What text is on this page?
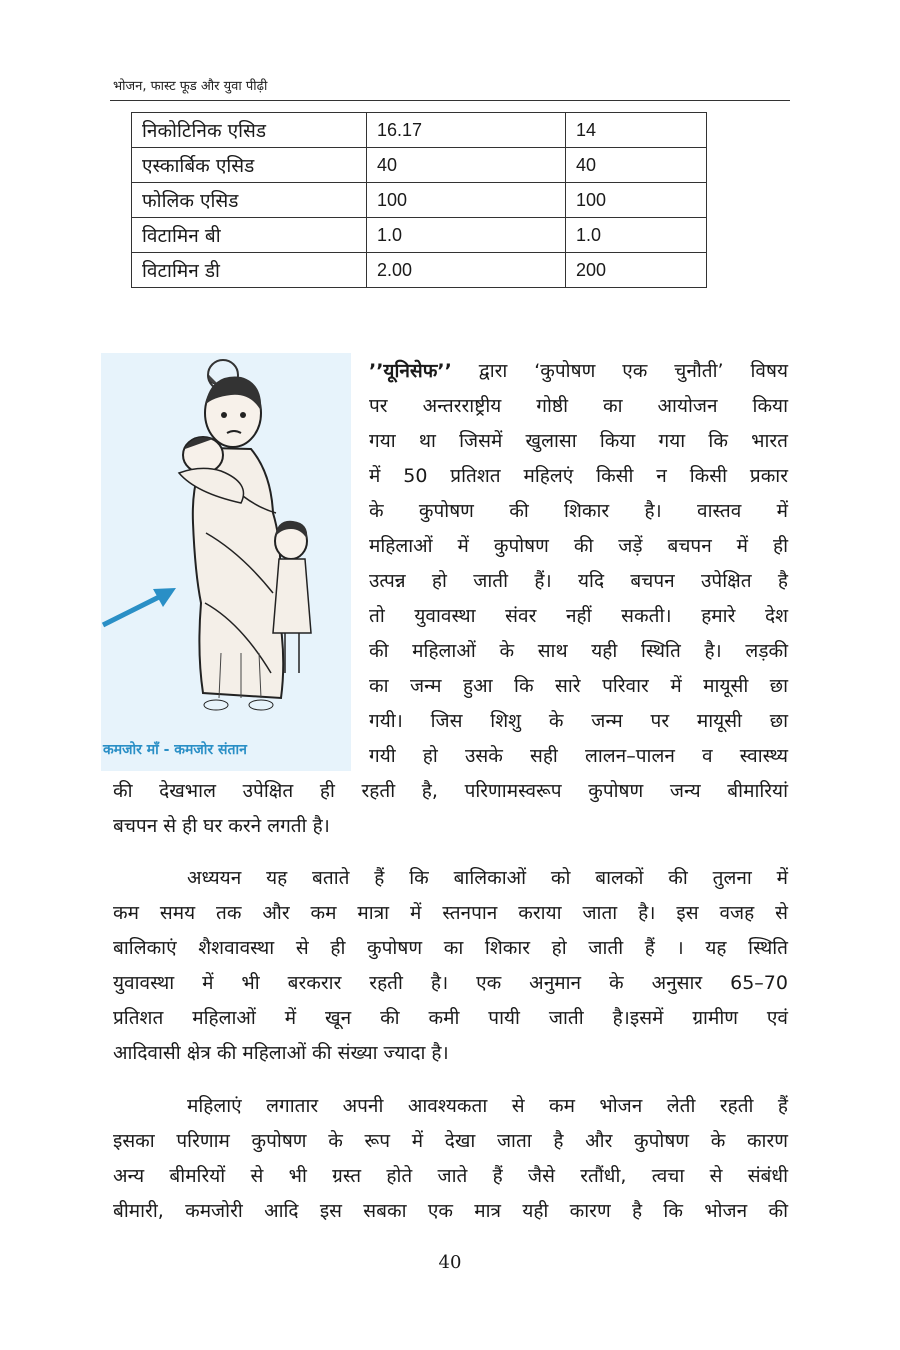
भोजन, फास्ट फूड और युवा पीढ़ी
निकोटिनिक एसिड	16.17	14
एस्कार्बिक एसिड	40	40
फोलिक एसिड	100	100
विटामिन बी	1.0	1.0
विटामिन डी	2.00	200
कमजोर माँ - कमजोर संतान
’’यूनिसेफ’’ द्वारा ‘कुपोषण एक चुनौती’ विषय
पर अन्तरराष्ट्रीय गोष्ठी का आयोजन किया
गया था जिसमें खुलासा किया गया कि भारत
में 50 प्रतिशत महिलएं किसी न किसी प्रकार
के कुपोषण की शिकार है। वास्तव में
महिलाओं में कुपोषण की जड़ें बचपन में ही
उत्पन्न हो जाती हैं। यदि बचपन उपेक्षित है
तो युवावस्था संवर नहीं सकती। हमारे देश
की महिलाओं के साथ यही स्थिति है। लड़की
का जन्म हुआ कि सारे परिवार में मायूसी छा
गयी। जिस शिशु के जन्म पर मायूसी छा
गयी हो उसके सही लालन–पालन व स्वास्थ्य
की देखभाल उपेक्षित ही रहती है, परिणामस्वरूप कुपोषण जन्य बीमारियां
बचपन से ही घर करने लगती है।
अध्ययन यह बताते हैं कि बालिकाओं को बालकों की तुलना में
कम समय तक और कम मात्रा में स्तनपान कराया जाता है। इस वजह से
बालिकाएं शैशवावस्था से ही कुपोषण का शिकार हो जाती हैं । यह स्थिति
युवावस्था में भी बरकरार रहती है। एक अनुमान के अनुसार 65–70
प्रतिशत महिलाओं में खून की कमी पायी जाती है।इसमें ग्रामीण एवं
आदिवासी क्षेत्र की महिलाओं की संख्या ज्यादा है।
महिलाएं लगातार अपनी आवश्यकता से कम भोजन लेती रहती हैं
इसका परिणाम कुपोषण के रूप में देखा जाता है और कुपोषण के कारण
अन्य बीमरियों से भी ग्रस्त होते जाते हैं जैसे रतौंधी, त्वचा से संबंधी
बीमारी, कमजोरी आदि इस सबका एक मात्र यही कारण है कि भोजन की
40
